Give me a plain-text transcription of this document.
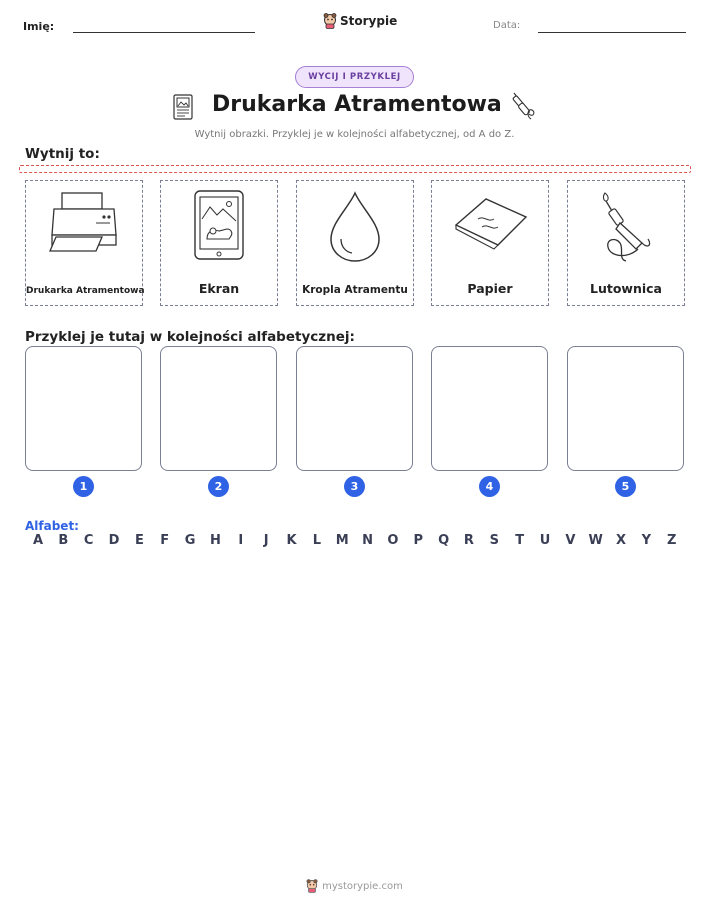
Imię:	Storypie	Data:
WYCIJ I PRZYKLEJ
Drukarka Atramentowa
Wytnij obrazki. Przyklej je w kolejności alfabetycznej, od A do Z.
Wytnij to:
Drukarka Atramentowa	Ekran	Kropla Atramentu	Papier	Lutownica
Przyklej je tutaj w kolejności alfabetycznej:
1	2	3	4	5
Alfabet:
A	B	C	D	E	F	G	H	I	J	K	L	M	N	O	P	Q	R	S	T	U	V	W	X	Y	Z
mystorypie.com
